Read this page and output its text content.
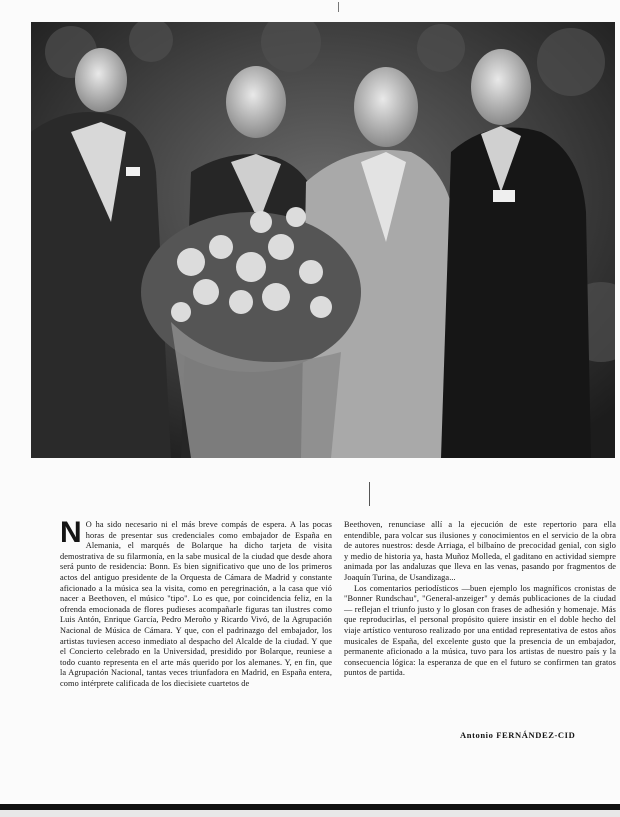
N O ha sido necesario ni el más breve compás de espera. A las pocas horas de presentar sus credenciales como embajador de España en Alemania, el marqués de Bolarque ha dicho tarjeta de visita demostrativa de su filarmonía, en la sabe musical de la ciudad que desde ahora será punto de residencia: Bonn. Es bien significativo que uno de los primeros actos del antiguo presidente de la Orquesta de Cámara de Madrid y constante aficionado a la música sea la visita, como en peregrinación, a la casa que vió nacer a Beethoven, el músico "tipo". Lo es que, por coincidencia feliz, en la ofrenda emocionada de flores pudieses acompañarle figuras tan ilustres como Luis Antón, Enrique García, Pedro Meroño y Ricardo Vivó, de la Agrupación Nacional de Música de Cámara. Y que, con el padrinazgo del embajador, los artistas tuviesen acceso inmediato al despacho del Alcalde de la ciudad. Y que el Concierto celebrado en la Universidad, presidido por Bolarque, reuniese a todo cuanto representa en el arte más querido por los alemanes. Y, en fin, que la Agrupación Nacional, tantas veces triunfadora en Madrid, en España entera, como intérprete calificada de los diecisiete cuartetos de

Beethoven, renunciase allí a la ejecución de este repertorio para ella entendible, para volcar sus ilusiones y conocimientos en el servicio de la obra de autores nuestros: desde Arriaga, el bilbaíno de precocidad genial, con siglo y medio de historia ya, hasta Muñoz Molleda, el gaditano en actividad siempre animada por las andaluzas que lleva en las venas, pasando por fragmentos de Joaquín Turina, de Usandizaga...

Los comentarios periodísticos —buen ejemplo los magníficos cronistas de "Bonner Rundschau", "General-anzeiger" y demás publicaciones de la ciudad— reflejan el triunfo justo y lo glosan con frases de adhesión y homenaje. Más que reproducirlas, el personal propósito quiere insistir en el doble hecho del viaje artístico venturoso realizado por una entidad representativa de estos años musicales de España, del excelente gusto que la presencia de un embajador, permanente aficionado a la música, tuvo para los artistas de nuestro país y la consecuencia lógica: la esperanza de que en el futuro se confirmen tan gratos puntos de partida.

Antonio FERNÁNDEZ-CID
